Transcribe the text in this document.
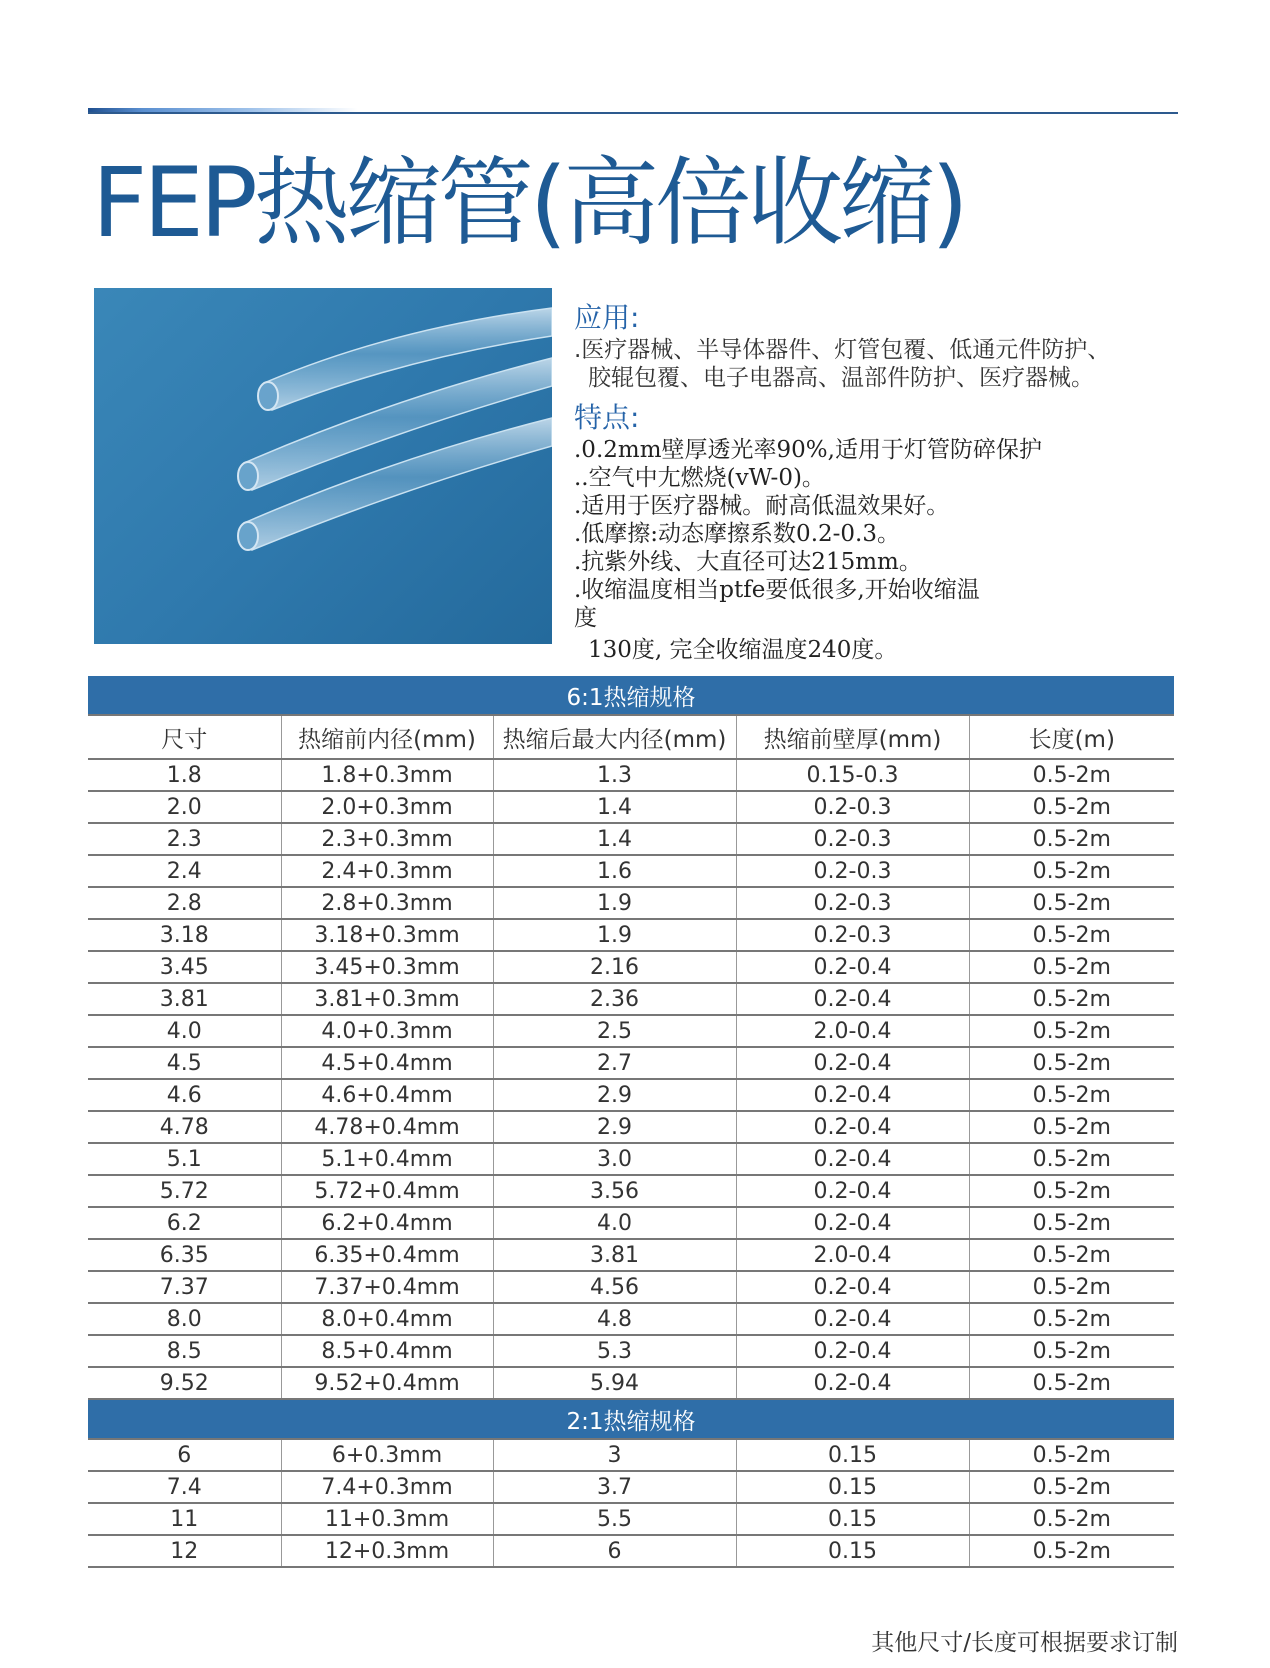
FEP热缩管(高倍收缩)
应用:
.医疗器械、半导体器件、灯管包覆、低通元件防护、
胶辊包覆、电子电器高、温部件防护、医疗器械。
特点:
.0.2mm壁厚透光率90%,适用于灯管防碎保护
..空气中尢燃烧(vW-0)。
.适用于医疗器械。耐高低温效果好。
.低摩擦:动态摩擦系数0.2-0.3。
.抗紫外线、大直径可达215mm。
.收缩温度相当ptfe要低很多,开始收缩温
度
130度, 完全收缩温度240度。
6:1热缩规格				
尺寸	热缩前内径(mm)	热缩后最大内径(mm)	热缩前壁厚(mm)	长度(m)
1.8	1.8+0.3mm	1.3	0.15-0.3	0.5-2m
2.0	2.0+0.3mm	1.4	0.2-0.3	0.5-2m
2.3	2.3+0.3mm	1.4	0.2-0.3	0.5-2m
2.4	2.4+0.3mm	1.6	0.2-0.3	0.5-2m
2.8	2.8+0.3mm	1.9	0.2-0.3	0.5-2m
3.18	3.18+0.3mm	1.9	0.2-0.3	0.5-2m
3.45	3.45+0.3mm	2.16	0.2-0.4	0.5-2m
3.81	3.81+0.3mm	2.36	0.2-0.4	0.5-2m
4.0	4.0+0.3mm	2.5	2.0-0.4	0.5-2m
4.5	4.5+0.4mm	2.7	0.2-0.4	0.5-2m
4.6	4.6+0.4mm	2.9	0.2-0.4	0.5-2m
4.78	4.78+0.4mm	2.9	0.2-0.4	0.5-2m
5.1	5.1+0.4mm	3.0	0.2-0.4	0.5-2m
5.72	5.72+0.4mm	3.56	0.2-0.4	0.5-2m
6.2	6.2+0.4mm	4.0	0.2-0.4	0.5-2m
6.35	6.35+0.4mm	3.81	2.0-0.4	0.5-2m
7.37	7.37+0.4mm	4.56	0.2-0.4	0.5-2m
8.0	8.0+0.4mm	4.8	0.2-0.4	0.5-2m
8.5	8.5+0.4mm	5.3	0.2-0.4	0.5-2m
9.52	9.52+0.4mm	5.94	0.2-0.4	0.5-2m
2:1热缩规格				
6	6+0.3mm	3	0.15	0.5-2m
7.4	7.4+0.3mm	3.7	0.15	0.5-2m
11	11+0.3mm	5.5	0.15	0.5-2m
12	12+0.3mm	6	0.15	0.5-2m
其他尺寸/长度可根据要求订制
